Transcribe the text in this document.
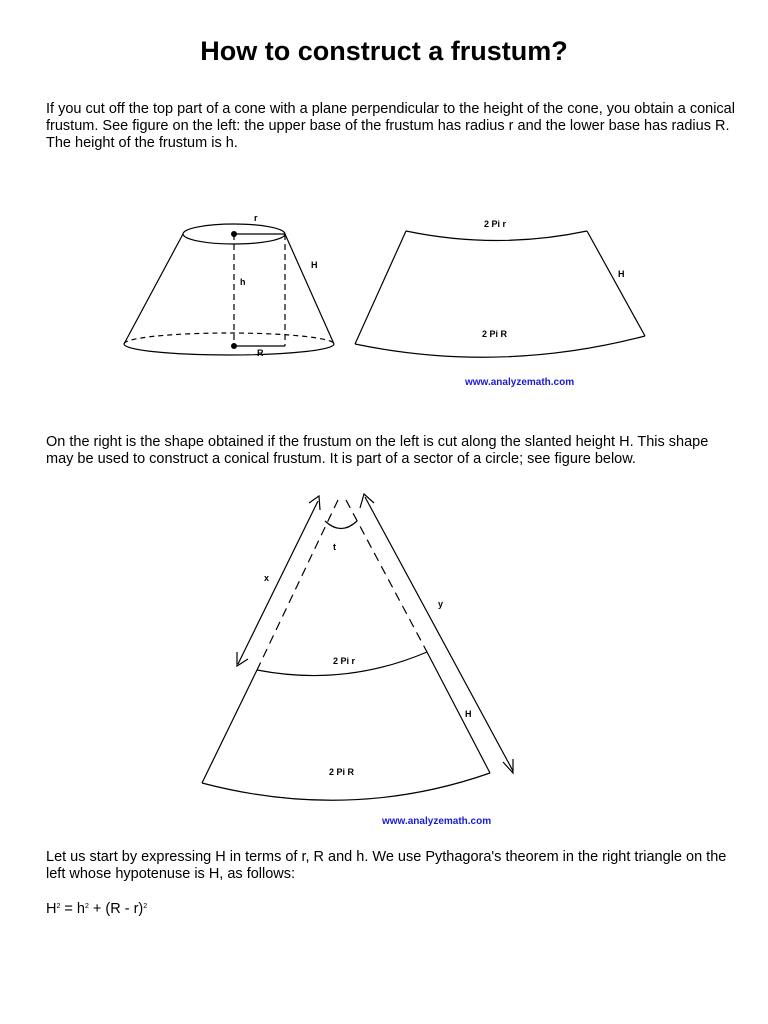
How to construct a frustum?

If you cut off the top part of a cone with a plane perpendicular to the height of the cone, you obtain a conical frustum. See figure on the left: the upper base of the frustum has radius r and the lower base has radius R. The height of the frustum is h.

r
h
H
R
2 Pi r
H
2 Pi R
www.analyzemath.com

On the right is the shape obtained if the frustum on the left is cut along the slanted height H. This shape may be used to construct a conical frustum. It is part of a sector of a circle; see figure below.

t
x
y
H
2 Pi r
2 Pi R
www.analyzemath.com

Let us start by expressing H in terms of r, R and h. We use Pythagora's theorem in the right triangle on the left whose hypotenuse is H, as follows:

$H^2 = h^2 + (R - r)^2$
